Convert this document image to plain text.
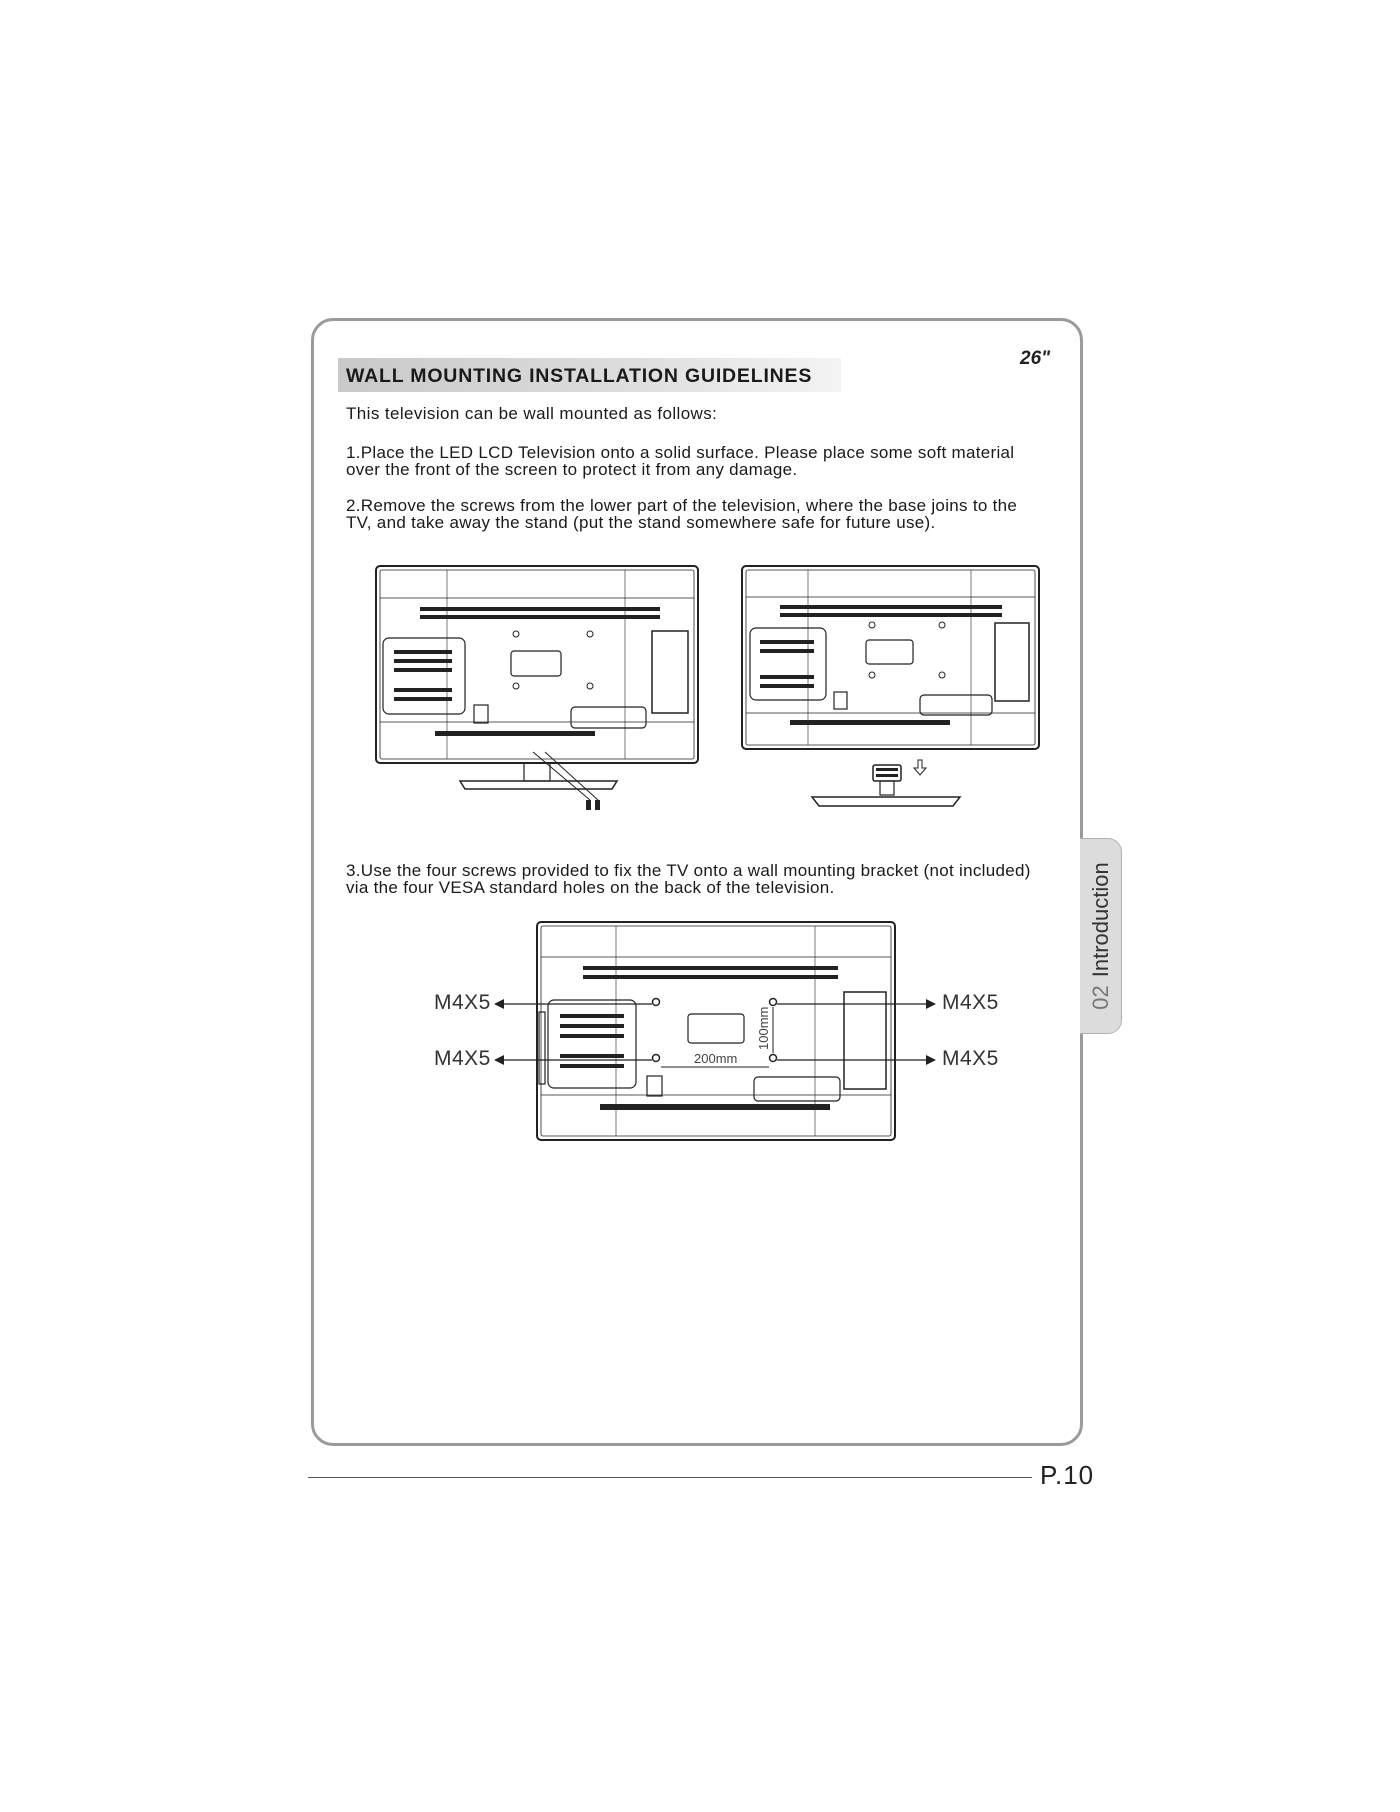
26"
WALL MOUNTING INSTALLATION GUIDELINES
This television can be wall mounted as follows:
1.Place the LED LCD Television onto a solid surface. Please place some soft material
over the front of the screen to protect it from any damage.
2.Remove the screws from the lower part of the television, where the base joins to the
TV, and take away the stand (put the stand somewhere safe for future use).
3.Use the four screws provided to fix the TV onto a wall mounting bracket (not included)
via the four VESA standard holes on the back of the television.
200mm
100mm
M4X5
M4X5
M4X5
M4X5
02Introduction
P.10
